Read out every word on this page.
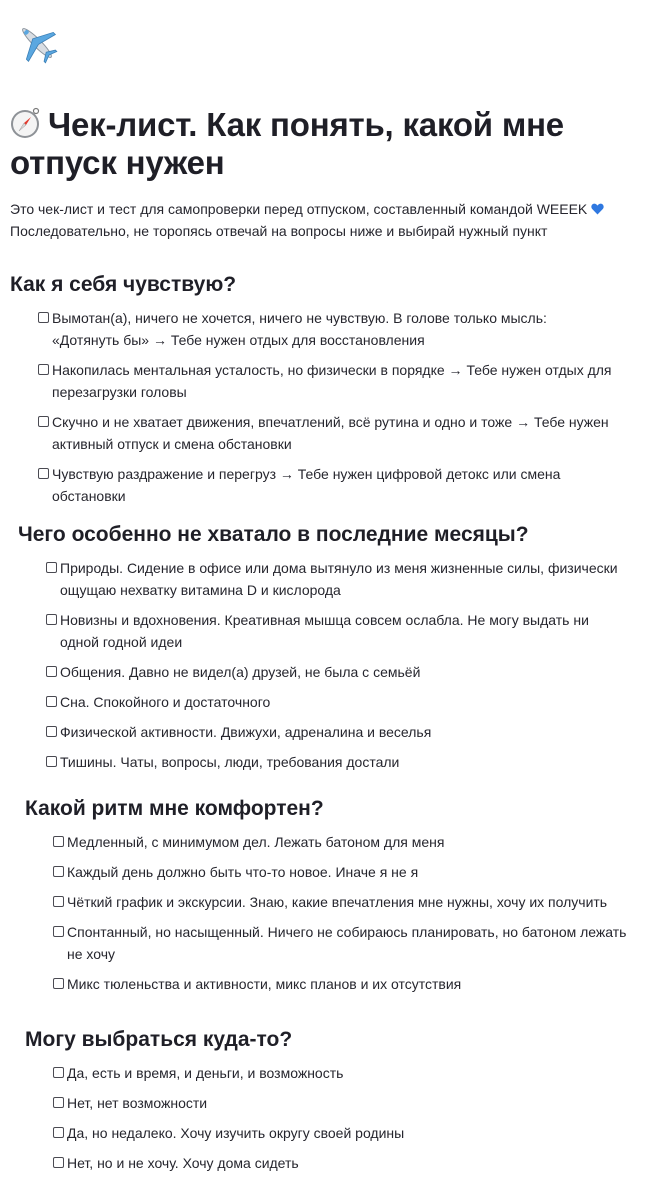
Чек-лист. Как понять, какой мне отпуск нужен

Это чек-лист и тест для самопроверки перед отпуском, составленный командой WEEEK  Последовательно, не торопясь отвечай на вопросы ниже и выбирай нужный пункт

Как я себя чувствую?
Вымотан(а), ничего не хочется, ничего не чувствую. В голове только мысль: «Дотянуть бы» → Тебе нужен отдых для восстановления
Накопилась ментальная усталость, но физически в порядке → Тебе нужен отдых для перезагрузки головы
Скучно и не хватает движения, впечатлений, всё рутина и одно и тоже → Тебе нужен активный отпуск и смена обстановки
Чувствую раздражение и перегруз → Тебе нужен цифровой детокс или смена обстановки
Чего особенно не хватало в последние месяцы?
Природы. Сидение в офисе или дома вытянуло из меня жизненные силы, физически ощущаю нехватку витамина D и кислорода
Новизны и вдохновения. Креативная мышца совсем ослабла. Не могу выдать ни одной годной идеи
Общения. Давно не видел(а) друзей, не была с семьёй
Сна. Спокойного и достаточного
Физической активности. Движухи, адреналина и веселья
Тишины. Чаты, вопросы, люди, требования достали
Какой ритм мне комфортен?
Медленный, с минимумом дел. Лежать батоном для меня
Каждый день должно быть что-то новое. Иначе я не я
Чёткий график и экскурсии. Знаю, какие впечатления мне нужны, хочу их получить
Спонтанный, но насыщенный. Ничего не собираюсь планировать, но батоном лежать не хочу
Микс тюленьства и активности, микс планов и их отсутствия
Могу выбраться куда-то?
Да, есть и время, и деньги, и возможность
Нет, нет возможности
Да, но недалеко. Хочу изучить округу своей родины
Нет, но и не хочу. Хочу дома сидеть
